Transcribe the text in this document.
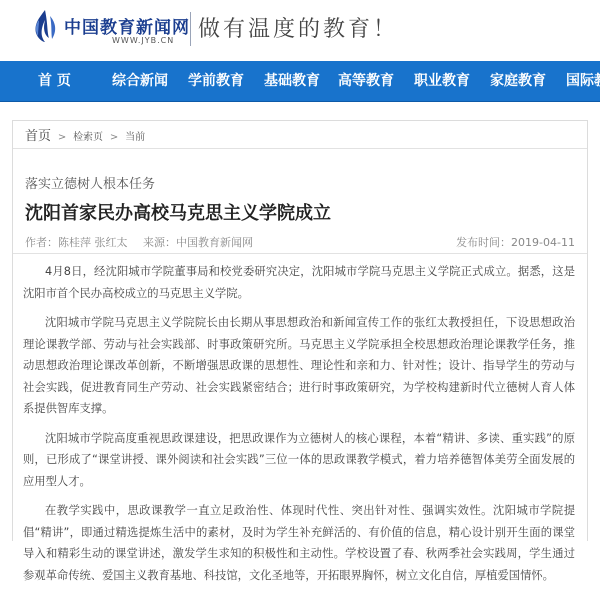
中国教育新闻网
WWW.JYB.CN 做有温度的教育！
首 页	综合新闻 学前教育 基础教育 高等教育 职业教育 家庭教育 国际教
首页 > 检索页 > 当前
落实立德树人根本任务
沈阳首家民办高校马克思主义学院成立
作者：陈桂萍 张红太 来源：中国教育新闻网	发布时间：2019-04-11

4月8日，经沈阳城市学院董事局和校党委研究决定，沈阳城市学院马克思主义学院正式成立。据悉，这是沈阳市首个民办高校成立的马克思主义学院。

沈阳城市学院马克思主义学院院长由长期从事思想政治和新闻宣传工作的张红太教授担任，下设思想政治理论课教学部、劳动与社会实践部、时事政策研究所。马克思主义学院承担全校思想政治理论课教学任务，推动思想政治理论课改革创新，不断增强思政课的思想性、理论性和亲和力、针对性；设计、指导学生的劳动与社会实践，促进教育同生产劳动、社会实践紧密结合；进行时事政策研究，为学校构建新时代立德树人育人体系提供智库支撑。

沈阳城市学院高度重视思政课建设，把思政课作为立德树人的核心课程，本着“精讲、多读、重实践”的原则，已形成了“课堂讲授、课外阅读和社会实践”三位一体的思政课教学模式，着力培养德智体美劳全面发展的应用型人才。

在教学实践中，思政课教学一直立足政治性、体现时代性、突出针对性、强调实效性。沈阳城市学院提倡“精讲”，即通过精选提炼生活中的素材，及时为学生补充鲜活的、有价值的信息，精心设计别开生面的课堂导入和精彩生动的课堂讲述，激发学生求知的积极性和主动性。学校设置了春、秋两季社会实践周，学生通过参观革命传统、爱国主义教育基地、科技馆，文化圣地等，开拓眼界胸怀，树立文化自信，厚植爱国情怀。
